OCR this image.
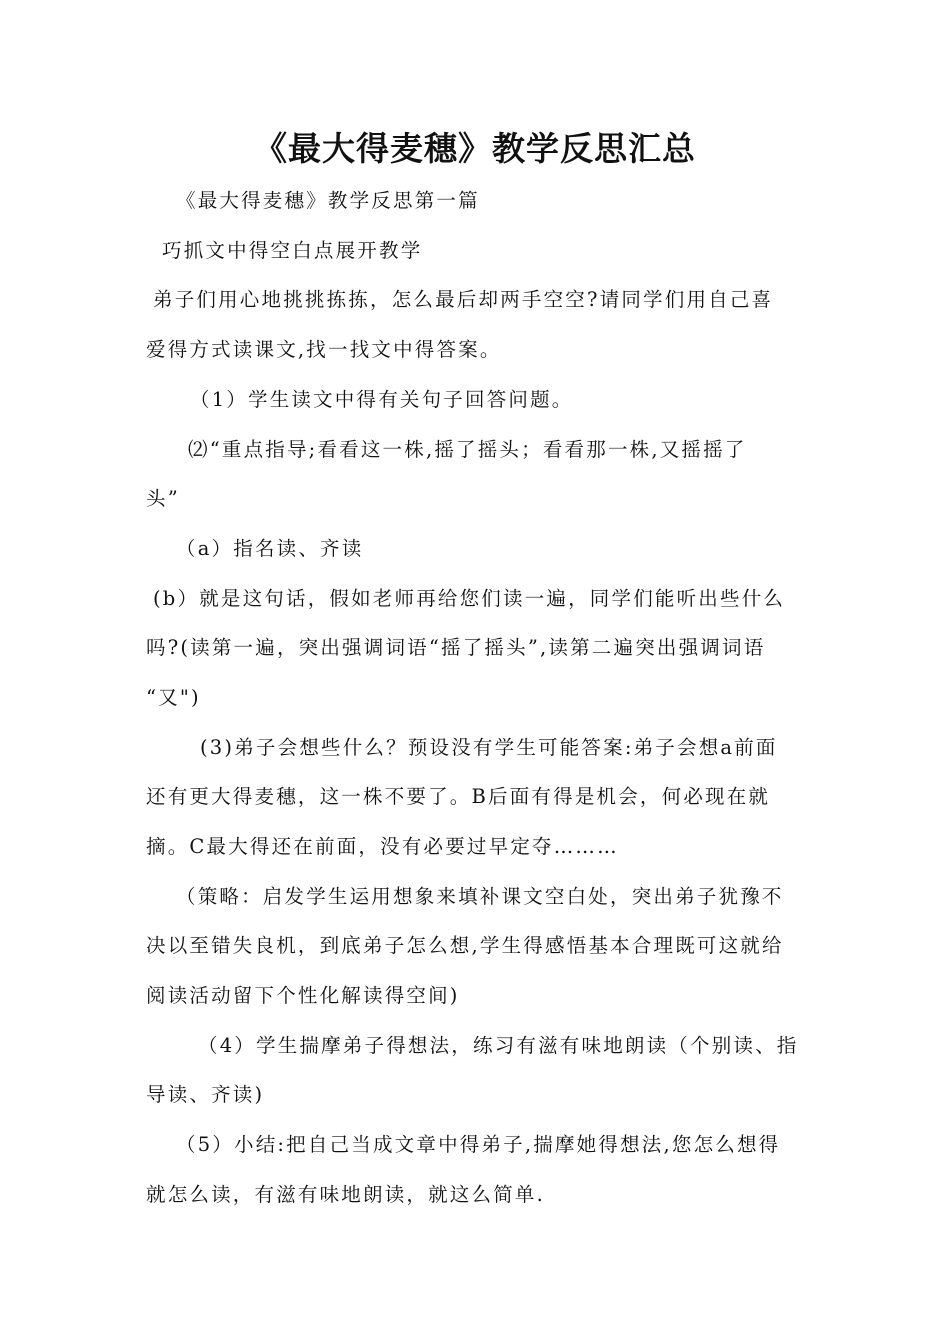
《最大得麦穗》教学反思汇总
《最大得麦穗》教学反思第一篇
巧抓文中得空白点展开教学
弟子们用心地挑挑拣拣，怎么最后却两手空空?请同学们用自己喜
爱得方式读课文,找一找文中得答案。
（1）学生读文中得有关句子回答问题。
⑵“重点指导;看看这一株,摇了摇头；看看那一株,又摇摇了
头”
（a）指名读、齐读
(b）就是这句话，假如老师再给您们读一遍，同学们能听出些什么
吗?(读第一遍，突出强调词语“摇了摇头”,读第二遍突出强调词语
“又")
(3)弟子会想些什么？预设没有学生可能答案:弟子会想a前面
还有更大得麦穗，这一株不要了。B后面有得是机会，何必现在就
摘。C最大得还在前面，没有必要过早定夺………
（策略：启发学生运用想象来填补课文空白处，突出弟子犹豫不
决以至错失良机，到底弟子怎么想,学生得感悟基本合理既可这就给
阅读活动留下个性化解读得空间)
（4）学生揣摩弟子得想法，练习有滋有味地朗读（个别读、指
导读、齐读)
（5）小结:把自己当成文章中得弟子,揣摩她得想法,您怎么想得
就怎么读，有滋有味地朗读，就这么简单.
